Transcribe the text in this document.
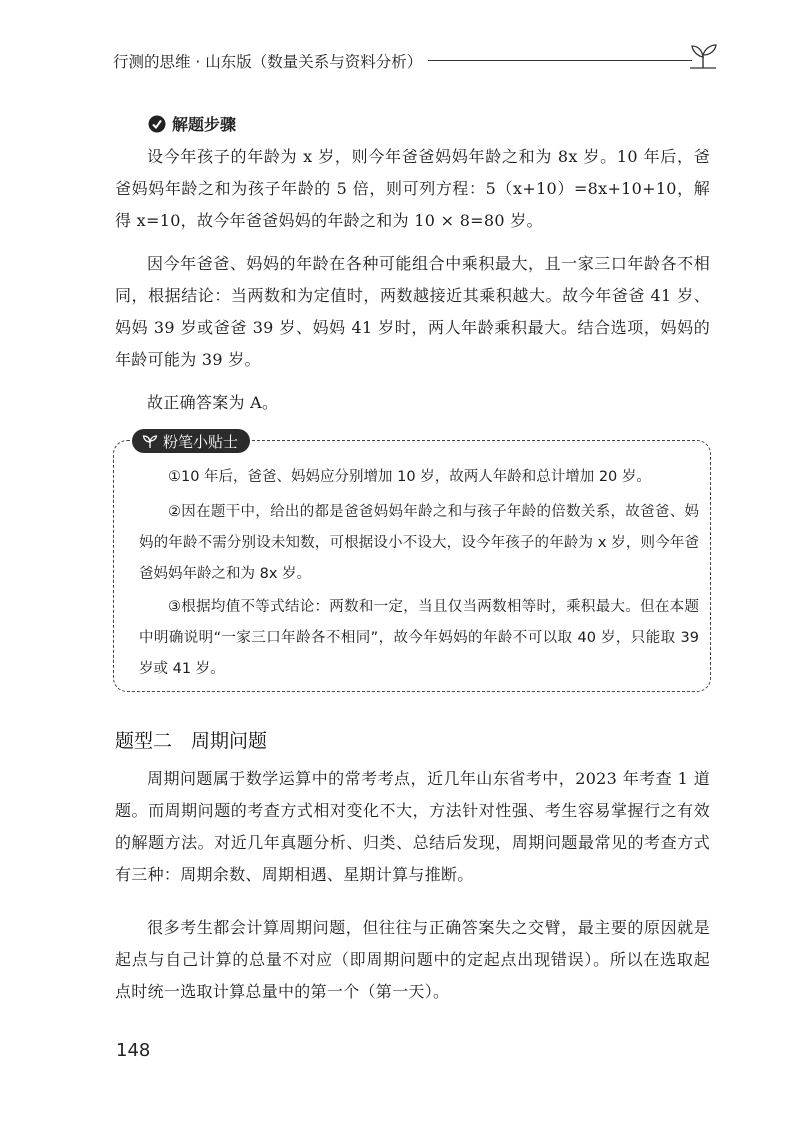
行测的思维 · 山东版（数量关系与资料分析）
解题步骤

设今年孩子的年龄为 x 岁，则今年爸爸妈妈年龄之和为 8x 岁。10 年后，爸爸妈妈年龄之和为孩子年龄的 5 倍，则可列方程：5（x+10）=8x+10+10，解得 x=10，故今年爸爸妈妈的年龄之和为 10 × 8=80 岁。

因今年爸爸、妈妈的年龄在各种可能组合中乘积最大，且一家三口年龄各不相同，根据结论：当两数和为定值时，两数越接近其乘积越大。故今年爸爸 41 岁、妈妈 39 岁或爸爸 39 岁、妈妈 41 岁时，两人年龄乘积最大。结合选项，妈妈的年龄可能为 39 岁。

故正确答案为 A。

粉笔小贴士

①10 年后，爸爸、妈妈应分别增加 10 岁，故两人年龄和总计增加 20 岁。

②因在题干中，给出的都是爸爸妈妈年龄之和与孩子年龄的倍数关系，故爸爸、妈妈的年龄不需分别设未知数，可根据设小不设大，设今年孩子的年龄为 x 岁，则今年爸爸妈妈年龄之和为 8x 岁。

③根据均值不等式结论：两数和一定，当且仅当两数相等时，乘积最大。但在本题中明确说明“一家三口年龄各不相同”，故今年妈妈的年龄不可以取 40 岁，只能取 39 岁或 41 岁。

题型二　周期问题

周期问题属于数学运算中的常考考点，近几年山东省考中，2023 年考查 1 道题。而周期问题的考查方式相对变化不大，方法针对性强、考生容易掌握行之有效的解题方法。对近几年真题分析、归类、总结后发现，周期问题最常见的考查方式有三种：周期余数、周期相遇、星期计算与推断。

很多考生都会计算周期问题，但往往与正确答案失之交臂，最主要的原因就是起点与自己计算的总量不对应（即周期问题中的定起点出现错误）。所以在选取起点时统一选取计算总量中的第一个（第一天）。

148
